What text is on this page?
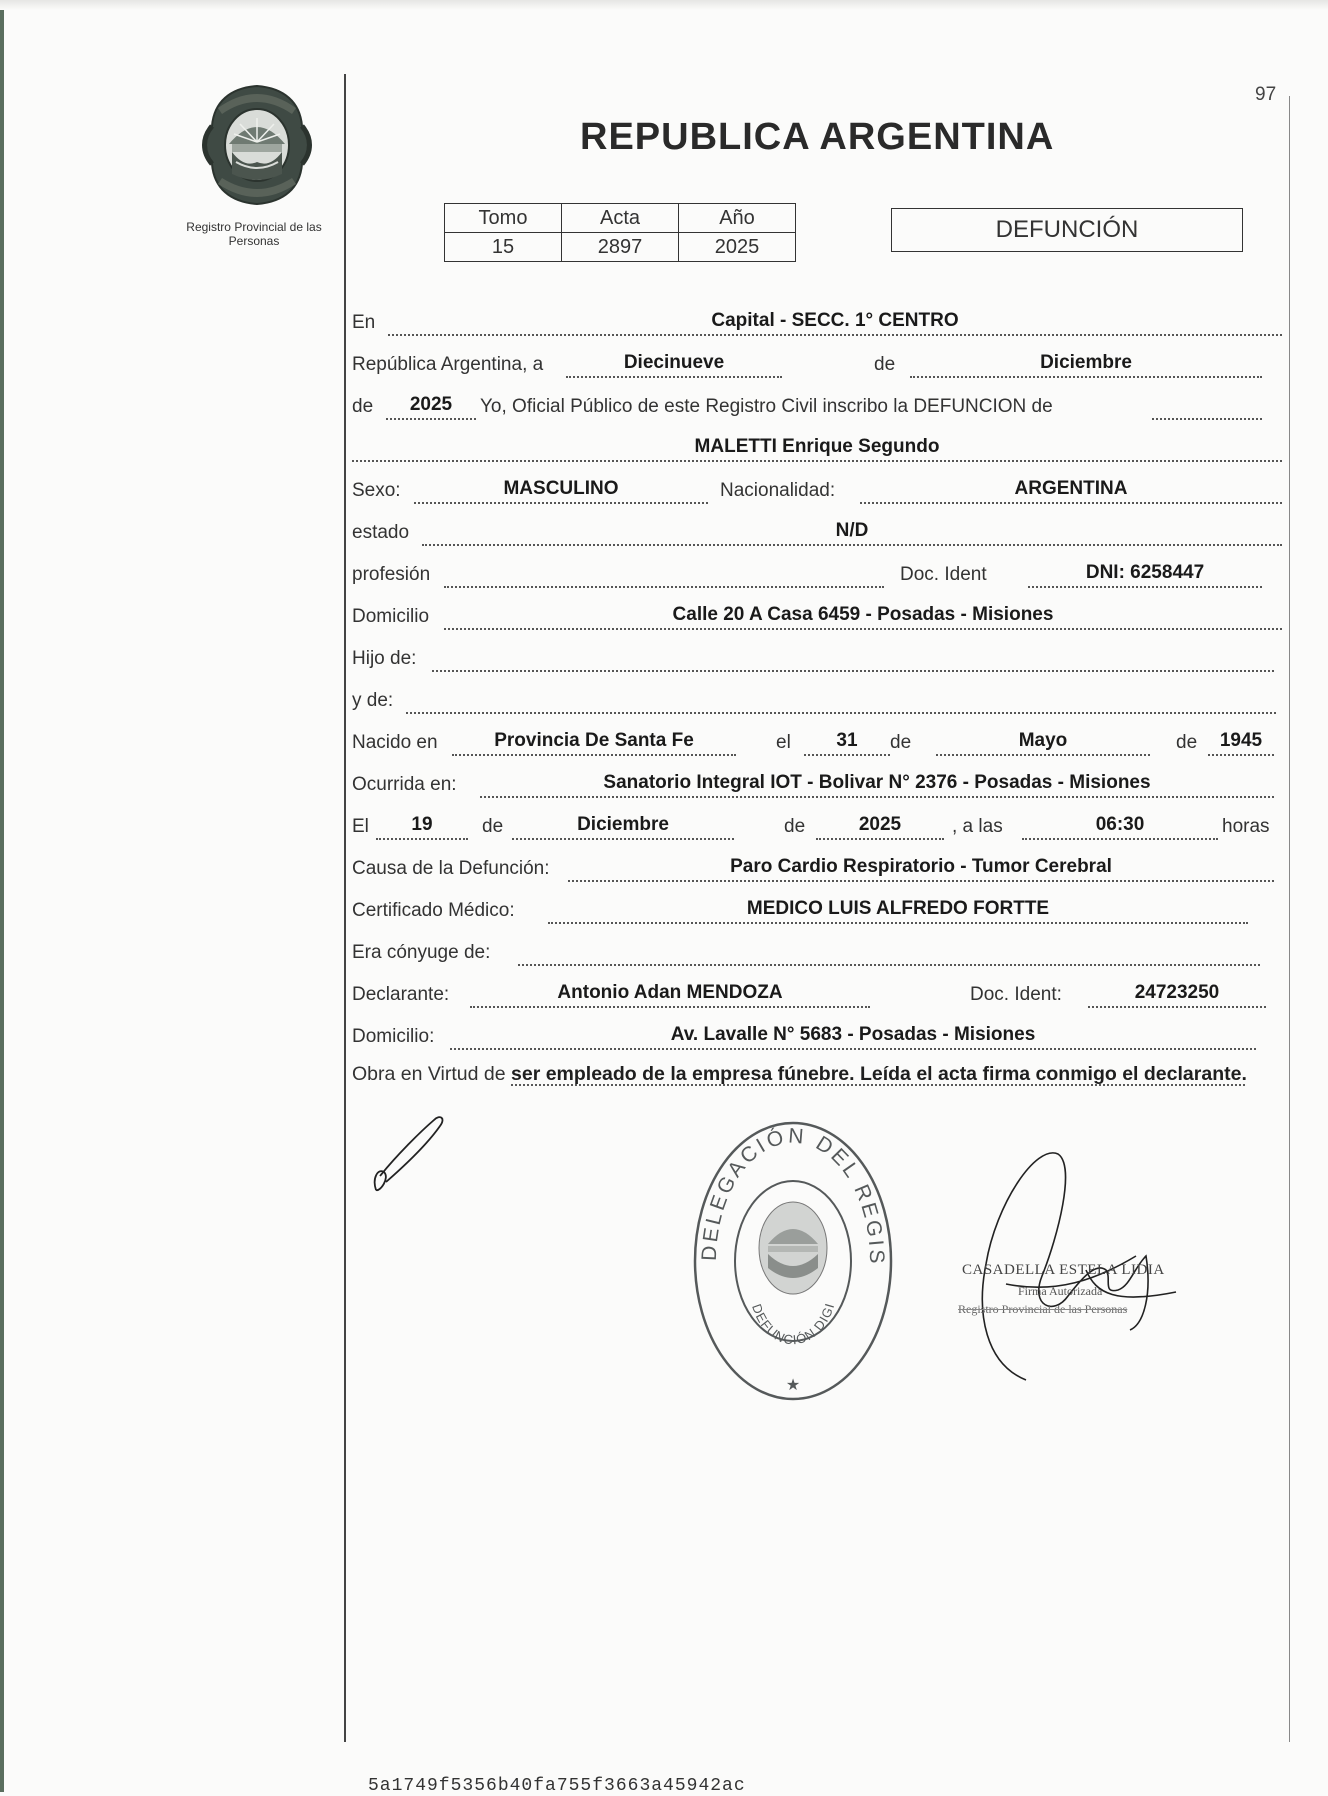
Registro Provincial de las Personas
97
REPUBLICA ARGENTINA
Tomo	Acta	Año
15	2897	2025
DEFUNCIÓN
En	Capital - SECC. 1° CENTRO
República Argentina, a	Diecinueve	de	Diciembre
de	2025	Yo, Oficial Público de este Registro Civil inscribo la DEFUNCION de
MALETTI Enrique Segundo
Sexo:	MASCULINO	Nacionalidad:	ARGENTINA
estado	N/D
profesión	Doc. Ident	DNI: 6258447
Domicilio	Calle 20 A Casa 6459 - Posadas - Misiones
Hijo de:
y de:
Nacido en	Provincia De Santa Fe	el	31	de	Mayo	de	1945
Ocurrida en:	Sanatorio Integral IOT - Bolivar N° 2376 - Posadas - Misiones
El	19	de	Diciembre	de	2025	, a las	06:30	horas
Causa de la Defunción:	Paro Cardio Respiratorio - Tumor Cerebral
Certificado Médico:	MEDICO LUIS ALFREDO FORTTE
Era cónyuge de:
Declarante:	Antonio Adan MENDOZA	Doc. Ident:	24723250
Domicilio:	Av. Lavalle N° 5683 - Posadas - Misiones
Obra en Virtud de ser empleado de la empresa fúnebre. Leída el acta firma conmigo el declarante.
DELEGACIÓN DEL REGIS
DEFUNCIÓN DIGI
★
CASADELLA ESTELA LIDIA
Firma Autorizada
Registro Provincial de las Personas
5a1749f5356b40fa755f3663a45942ac
